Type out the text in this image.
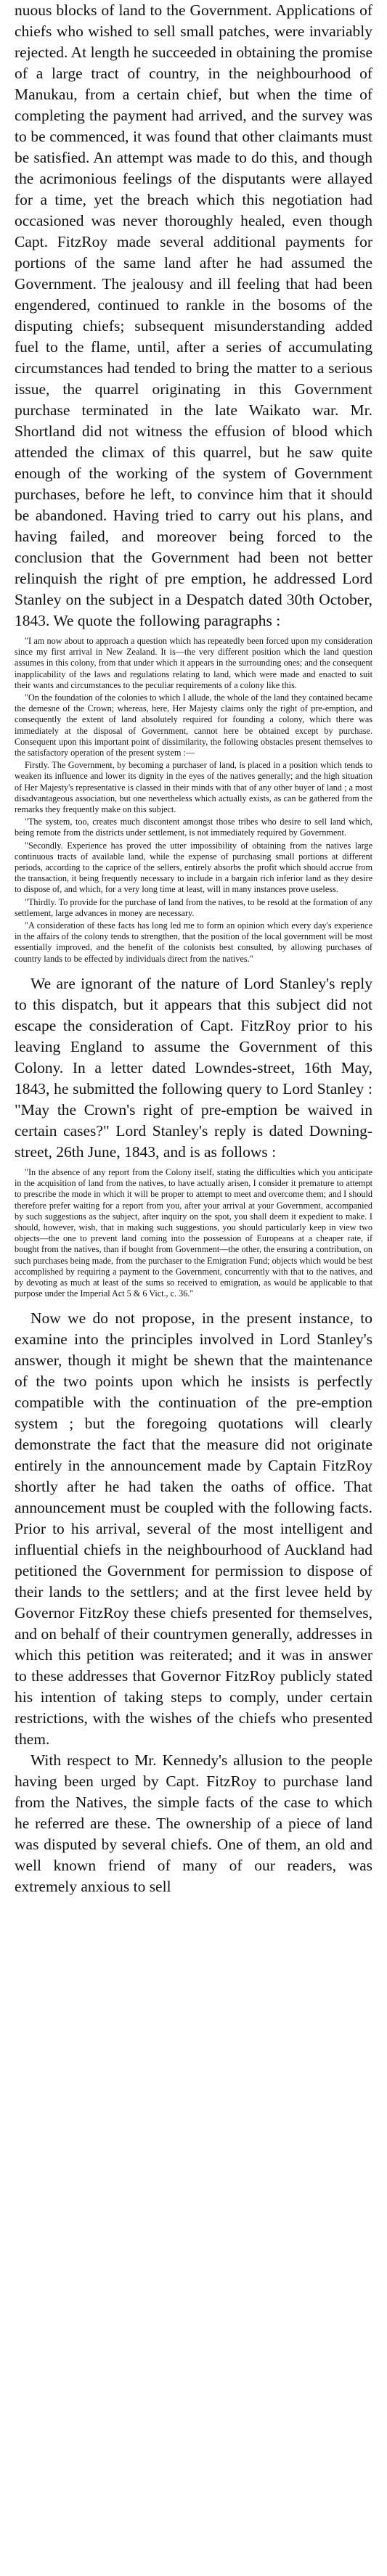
nuous blocks of land to the Government. Applications of chiefs who wished to sell small patches, were invariably rejected. At length he succeeded in obtaining the promise of a large tract of country, in the neighbourhood of Manukau, from a certain chief, but when the time of completing the payment had arrived, and the survey was to be commenced, it was found that other claimants must be satisfied. An attempt was made to do this, and though the acrimonious feelings of the disputants were allayed for a time, yet the breach which this negotiation had occasioned was never thoroughly healed, even though Capt. FitzRoy made several additional payments for portions of the same land after he had assumed the Government. The jealousy and ill feeling that had been engendered, continued to rankle in the bosoms of the disputing chiefs; subsequent misunderstanding added fuel to the flame, until, after a series of accumulating circumstances had tended to bring the matter to a serious issue, the quarrel originating in this Government purchase terminated in the late Waikato war. Mr. Shortland did not witness the effusion of blood which attended the climax of this quarrel, but he saw quite enough of the working of the system of Government purchases, before he left, to convince him that it should be abandoned. Having tried to carry out his plans, and having failed, and moreover being forced to the conclusion that the Government had been not better relinquish the right of pre emption, he addressed Lord Stanley on the subject in a Despatch dated 30th October, 1843. We quote the following paragraphs :

"I am now about to approach a question which has repeatedly been forced upon my consideration since my first arrival in New Zealand. It is—the very different position which the land question assumes in this colony, from that under which it appears in the surrounding ones; and the consequent inapplicability of the laws and regulations relating to land, which were made and enacted to suit their wants and circumstances to the peculiar requirements of a colony like this.

"On the foundation of the colonies to which I allude, the whole of the land they contained became the demesne of the Crown; whereas, here, Her Majesty claims only the right of pre-emption, and consequently the extent of land absolutely required for founding a colony, which there was immediately at the disposal of Government, cannot here be obtained except by purchase. Consequent upon this important point of dissimilarity, the following obstacles present themselves to the satisfactory operation of the present system :—

Firstly. The Government, by becoming a purchaser of land, is placed in a position which tends to weaken its influence and lower its dignity in the eyes of the natives generally; and the high situation of Her Majesty's representative is classed in their minds with that of any other buyer of land ; a most disadvantageous association, but one nevertheless which actually exists, as can be gathered from the remarks they frequently make on this subject.

"The system, too, creates much discontent amongst those tribes who desire to sell land which, being remote from the districts under settlement, is not immediately required by Government.

"Secondly. Experience has proved the utter impossibility of obtaining from the natives large continuous tracts of available land, while the expense of purchasing small portions at different periods, according to the caprice of the sellers, entirely absorbs the profit which should accrue from the transaction, it being frequently necessary to include in a bargain rich inferior land as they desire to dispose of, and which, for a very long time at least, will in many instances prove useless.

"Thirdly. To provide for the purchase of land from the natives, to be resold at the formation of any settlement, large advances in money are necessary.

"A consideration of these facts has long led me to form an opinion which every day's experience in the affairs of the colony tends to strengthen, that the position of the local government will be most essentially improved, and the benefit of the colonists best consulted, by allowing purchases of country lands to be effected by individuals direct from the natives."

We are ignorant of the nature of Lord Stanley's reply to this dispatch, but it appears that this subject did not escape the consideration of Capt. FitzRoy prior to his leaving England to assume the Government of this Colony. In a letter dated Lowndes-street, 16th May, 1843, he submitted the following query to Lord Stanley : "May the Crown's right of pre-emption be waived in certain cases?" Lord Stanley's reply is dated Downing-street, 26th June, 1843, and is as follows :

"In the absence of any report from the Colony itself, stating the difficulties which you anticipate in the acquisition of land from the natives, to have actually arisen, I consider it premature to attempt to prescribe the mode in which it will be proper to attempt to meet and overcome them; and I should therefore prefer waiting for a report from you, after your arrival at your Government, accompanied by such suggestions as the subject, after inquiry on the spot, you shall deem it expedient to make. I should, however, wish, that in making such suggestions, you should particularly keep in view two objects—the one to prevent land coming into the possession of Europeans at a cheaper rate, if bought from the natives, than if bought from Government—the other, the ensuring a contribution, on such purchases being made, from the purchaser to the Emigration Fund; objects which would be best accomplished by requiring a payment to the Government, concurrently with that to the natives, and by devoting as much at least of the sums so received to emigration, as would be applicable to that purpose under the Imperial Act 5 & 6 Vict., c. 36."

Now we do not propose, in the present instance, to examine into the principles involved in Lord Stanley's answer, though it might be shewn that the maintenance of the two points upon which he insists is perfectly compatible with the continuation of the pre-emption system ; but the foregoing quotations will clearly demonstrate the fact that the measure did not originate entirely in the announcement made by Captain FitzRoy shortly after he had taken the oaths of office. That announcement must be coupled with the following facts. Prior to his arrival, several of the most intelligent and influential chiefs in the neighbourhood of Auckland had petitioned the Government for permission to dispose of their lands to the settlers; and at the first levee held by Governor FitzRoy these chiefs presented for themselves, and on behalf of their countrymen generally, addresses in which this petition was reiterated; and it was in answer to these addresses that Governor FitzRoy publicly stated his intention of taking steps to comply, under certain restrictions, with the wishes of the chiefs who presented them.

With respect to Mr. Kennedy's allusion to the people having been urged by Capt. FitzRoy to purchase land from the Natives, the simple facts of the case to which he referred are these. The ownership of a piece of land was disputed by several chiefs. One of them, an old and well known friend of many of our readers, was extremely anxious to sell
